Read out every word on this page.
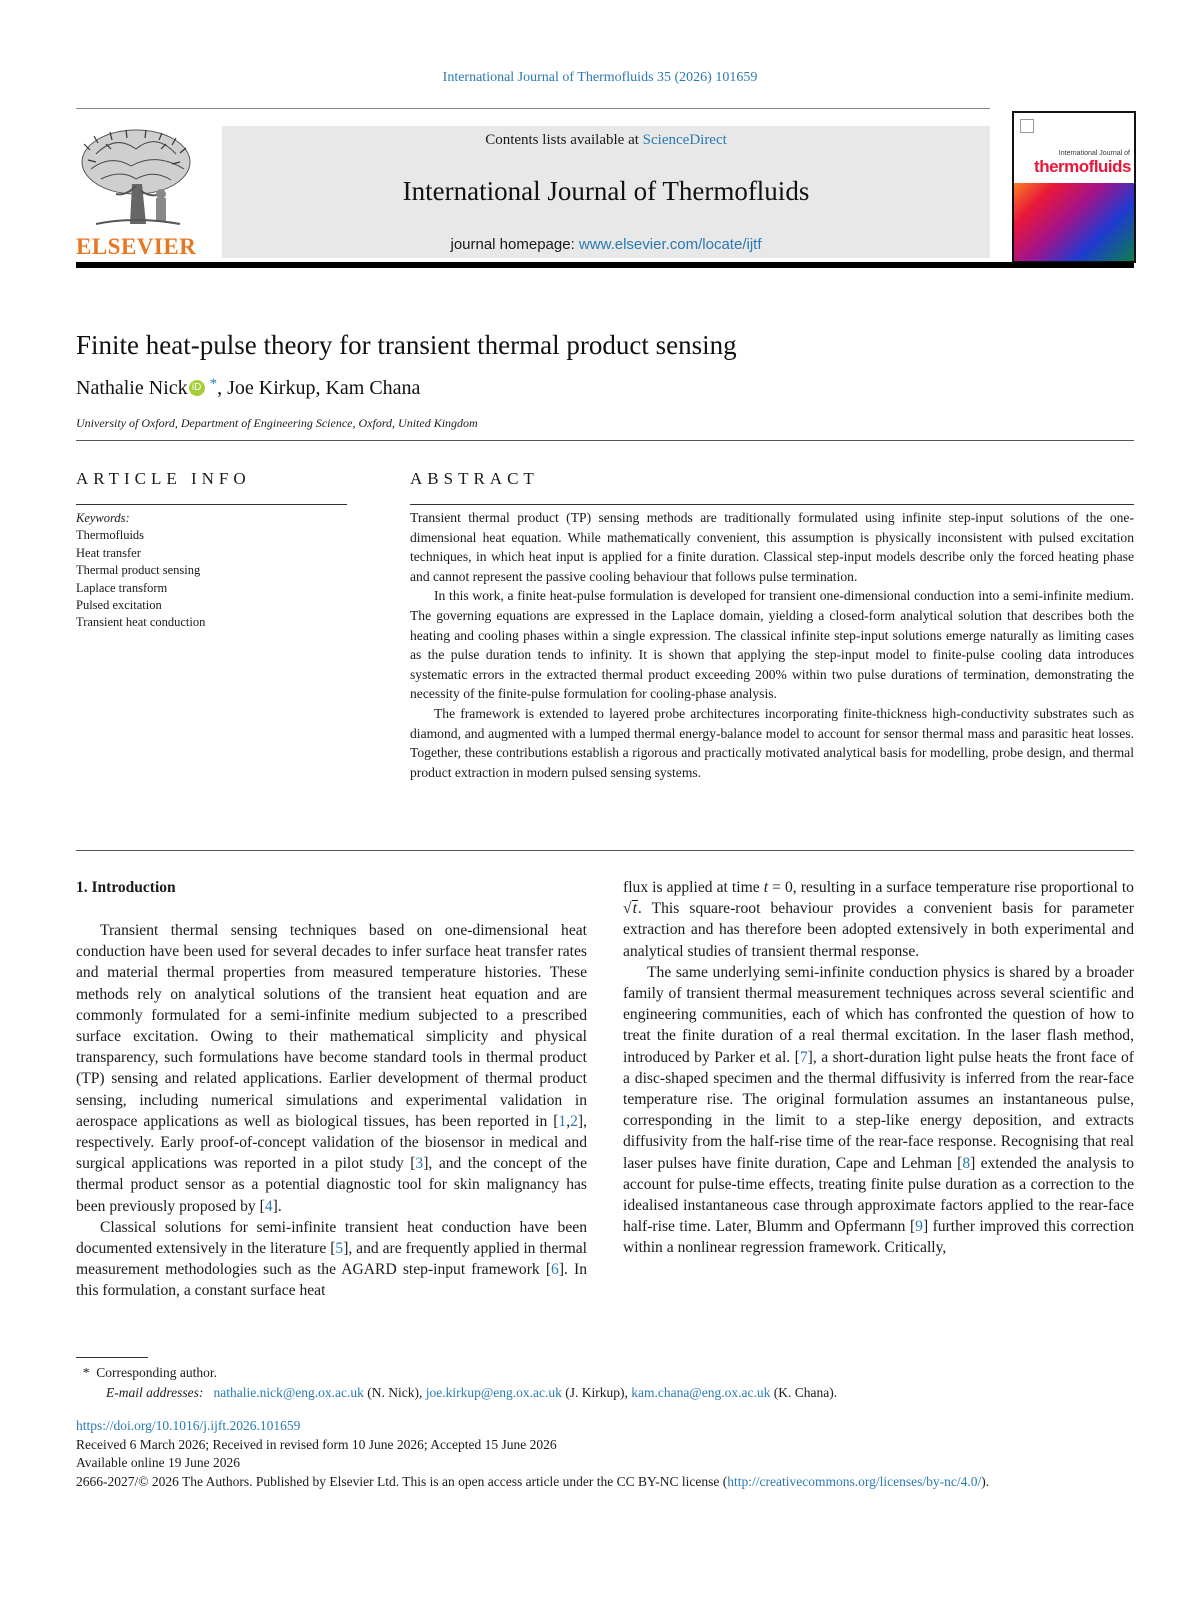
International Journal of Thermofluids 35 (2026) 101659
ELSEVIER
Contents lists available at ScienceDirect
International Journal of Thermofluids
journal homepage: www.elsevier.com/locate/ijtf
International Journal of
thermofluids
Finite heat-pulse theory for transient thermal product sensing
Nathalie Nick iD *, Joe Kirkup, Kam Chana
University of Oxford, Department of Engineering Science, Oxford, United Kingdom
ARTICLE INFO
Keywords:
Thermofluids
Heat transfer
Thermal product sensing
Laplace transform
Pulsed excitation
Transient heat conduction
ABSTRACT

Transient thermal product (TP) sensing methods are traditionally formulated using infinite step-input solutions of the one-dimensional heat equation. While mathematically convenient, this assumption is physically inconsistent with pulsed excitation techniques, in which heat input is applied for a finite duration. Classical step-input models describe only the forced heating phase and cannot represent the passive cooling behaviour that follows pulse termination.

In this work, a finite heat-pulse formulation is developed for transient one-dimensional conduction into a semi-infinite medium. The governing equations are expressed in the Laplace domain, yielding a closed-form analytical solution that describes both the heating and cooling phases within a single expression. The classical infinite step-input solutions emerge naturally as limiting cases as the pulse duration tends to infinity. It is shown that applying the step-input model to finite-pulse cooling data introduces systematic errors in the extracted thermal product exceeding 200% within two pulse durations of termination, demonstrating the necessity of the finite-pulse formulation for cooling-phase analysis.

The framework is extended to layered probe architectures incorporating finite-thickness high-conductivity substrates such as diamond, and augmented with a lumped thermal energy-balance model to account for sensor thermal mass and parasitic heat losses. Together, these contributions establish a rigorous and practically motivated analytical basis for modelling, probe design, and thermal product extraction in modern pulsed sensing systems.

1. Introduction

Transient thermal sensing techniques based on one-dimensional heat conduction have been used for several decades to infer surface heat transfer rates and material thermal properties from measured temperature histories. These methods rely on analytical solutions of the transient heat equation and are commonly formulated for a semi-infinite medium subjected to a prescribed surface excitation. Owing to their mathematical simplicity and physical transparency, such formulations have become standard tools in thermal product (TP) sensing and related applications. Earlier development of thermal product sensing, including numerical simulations and experimental validation in aerospace applications as well as biological tissues, has been reported in [1,2], respectively. Early proof-of-concept validation of the biosensor in medical and surgical applications was reported in a pilot study [3], and the concept of the thermal product sensor as a potential diagnostic tool for skin malignancy has been previously proposed by [4].

Classical solutions for semi-infinite transient heat conduction have been documented extensively in the literature [5], and are frequently applied in thermal measurement methodologies such as the AGARD step-input framework [6]. In this formulation, a constant surface heat

flux is applied at time t = 0, resulting in a surface temperature rise proportional to √t. This square-root behaviour provides a convenient basis for parameter extraction and has therefore been adopted extensively in both experimental and analytical studies of transient thermal response.

The same underlying semi-infinite conduction physics is shared by a broader family of transient thermal measurement techniques across several scientific and engineering communities, each of which has confronted the question of how to treat the finite duration of a real thermal excitation. In the laser flash method, introduced by Parker et al. [7], a short-duration light pulse heats the front face of a disc-shaped specimen and the thermal diffusivity is inferred from the rear-face temperature rise. The original formulation assumes an instantaneous pulse, corresponding in the limit to a step-like energy deposition, and extracts diffusivity from the half-rise time of the rear-face response. Recognising that real laser pulses have finite duration, Cape and Lehman [8] extended the analysis to account for pulse-time effects, treating finite pulse duration as a correction to the idealised instantaneous case through approximate factors applied to the rear-face half-rise time. Later, Blumm and Opfermann [9] further improved this correction within a nonlinear regression framework. Critically,

* Corresponding author.
E-mail addresses: nathalie.nick@eng.ox.ac.uk (N. Nick), joe.kirkup@eng.ox.ac.uk (J. Kirkup), kam.chana@eng.ox.ac.uk (K. Chana).
https://doi.org/10.1016/j.ijft.2026.101659
Received 6 March 2026; Received in revised form 10 June 2026; Accepted 15 June 2026
Available online 19 June 2026
2666-2027/© 2026 The Authors. Published by Elsevier Ltd. This is an open access article under the CC BY-NC license (http://creativecommons.org/licenses/by-nc/4.0/).
